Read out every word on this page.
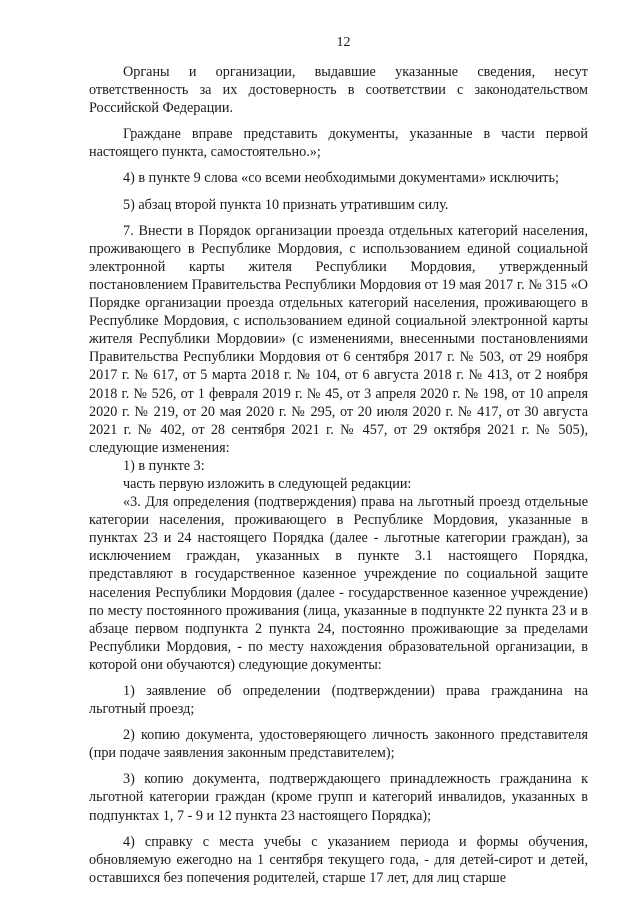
12

Органы и организации, выдавшие указанные сведения, несут ответственность за их достоверность в соответствии с законодательством Российской Федерации.

Граждане вправе представить документы, указанные в части первой настоящего пункта, самостоятельно.»;

4) в пункте 9 слова «со всеми необходимыми документами» исключить;

5) абзац второй пункта 10 признать утратившим силу.

7. Внести в Порядок организации проезда отдельных категорий населения, проживающего в Республике Мордовия, с использованием единой социальной электронной карты жителя Республики Мордовия, утвержденный постановлением Правительства Республики Мордовия от 19 мая 2017 г. № 315 «О Порядке организации проезда отдельных категорий населения, проживающего в Республике Мордовия, с использованием единой социальной электронной карты жителя Республики Мордовии» (с изменениями, внесенными постановлениями Правительства Республики Мордовия от 6 сентября 2017 г. № 503, от 29 ноября 2017 г. № 617, от 5 марта 2018 г. № 104, от 6 августа 2018 г. № 413, от 2 ноября 2018 г. № 526, от 1 февраля 2019 г. № 45, от 3 апреля 2020 г. № 198, от 10 апреля 2020 г. № 219, от 20 мая 2020 г. № 295, от 20 июля 2020 г. № 417, от 30 августа 2021 г. № 402, от 28 сентября 2021 г. № 457, от 29 октября 2021 г. № 505), следующие изменения:

1) в пункте 3:

часть первую изложить в следующей редакции:

«3. Для определения (подтверждения) права на льготный проезд отдельные категории населения, проживающего в Республике Мордовия, указанные в пунктах 23 и 24 настоящего Порядка (далее - льготные категории граждан), за исключением граждан, указанных в пункте 3.1 настоящего Порядка, представляют в государственное казенное учреждение по социальной защите населения Республики Мордовия (далее - государственное казенное учреждение) по месту постоянного проживания (лица, указанные в подпункте 22 пункта 23 и в абзаце первом подпункта 2 пункта 24, постоянно проживающие за пределами Республики Мордовия, - по месту нахождения образовательной организации, в которой они обучаются) следующие документы:

1) заявление об определении (подтверждении) права гражданина на льготный проезд;

2) копию документа, удостоверяющего личность законного представителя (при подаче заявления законным представителем);

3) копию документа, подтверждающего принадлежность гражданина к льготной категории граждан (кроме групп и категорий инвалидов, указанных в подпунктах 1, 7 - 9 и 12 пункта 23 настоящего Порядка);

4) справку с места учебы с указанием периода и формы обучения, обновляемую ежегодно на 1 сентября текущего года, - для детей-сирот и детей, оставшихся без попечения родителей, старше 17 лет, для лиц старше
